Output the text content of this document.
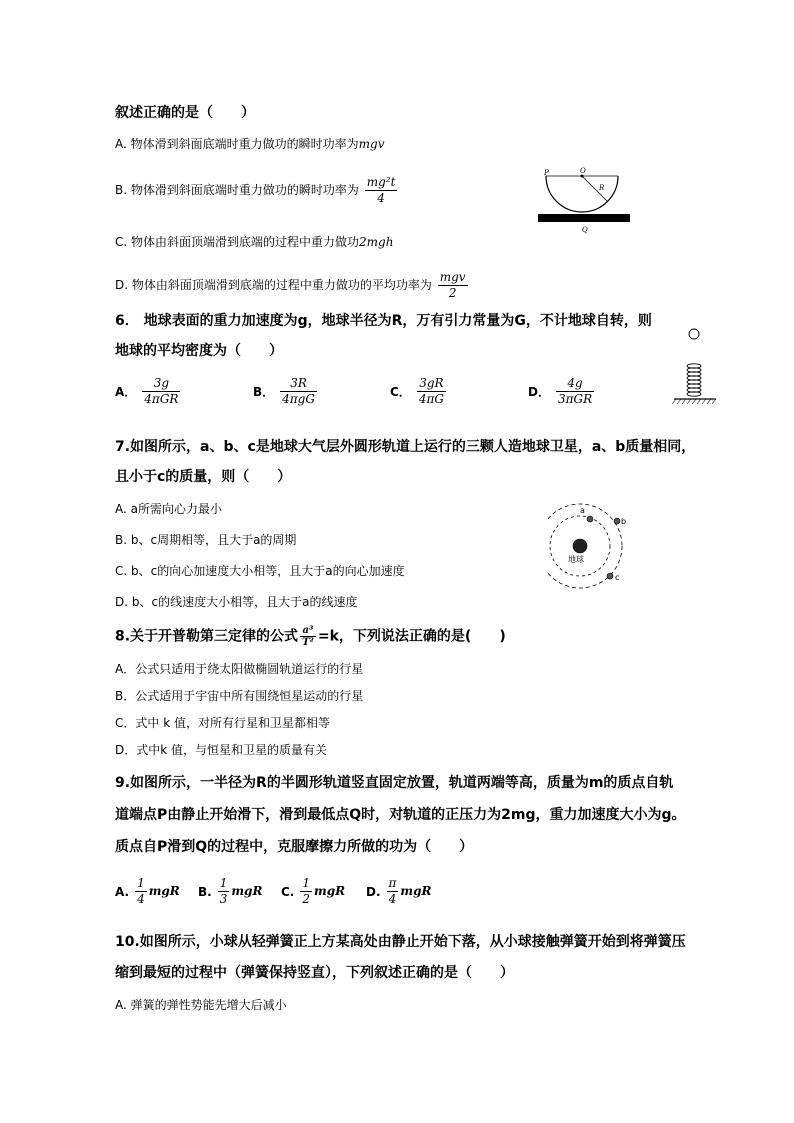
叙述正确的是（　　）
A. 物体滑到斜面底端时重力做功的瞬时功率为mgv
B. 物体滑到斜面底端时重力做功的瞬时功率为 $\frac{\text{mg²t}}{4}$
C. 物体由斜面顶端滑到底端的过程中重力做功2mgh
D. 物体由斜面顶端滑到底端的过程中重力做功的平均功率为 $\frac{\text{mgv}}{2}$
P	O
R
Q
6． 地球表面的重力加速度为g，地球半径为R，万有引力常量为G，不计地球自转，则
地球的平均密度为（　　）
A． $\frac{3g}{\text{4πGR}}$	B． $\frac{3R}{\text{4πgG}}$	C． $\frac{3gR}{4\pi G}$	D． $\frac{4g}{\text{3πGR}}$
7.如图所示，a、b、c是地球大气层外圆形轨道上运行的三颗人造地球卫星，a、b质量相同，
且小于c的质量，则（　　）
A. a所需向心力最小
B. b、c周期相等，且大于a的周期
C. b、c的向心加速度大小相等，且大于a的向心加速度
D. b、c的线速度大小相等，且大于a的线速度
地球
a
b
c
8.关于开普勒第三定律的公式 $\frac{\text{a³}}{\text{T²}} =k$，下列说法正确的是(　　)
A．公式只适用于绕太阳做椭圆轨道运行的行星
B．公式适用于宇宙中所有围绕恒星运动的行星
C．式中 k 值，对所有行星和卫星都相等
D．式中k 值，与恒星和卫星的质量有关
9.如图所示，一半径为R的半圆形轨道竖直固定放置，轨道两端等高，质量为m的质点自轨
道端点P由静止开始滑下，滑到最低点Q时，对轨道的正压力为2mg，重力加速度大小为g。
质点自P滑到Q的过程中，克服摩擦力所做的功为（　　）
A. $\frac{1}{4}$ mgR B. $\frac{1}{3}$ mgR C. $\frac{1}{2}$ mgR D. $\frac{\pi}{4}$ mgR
10.如图所示，小球从轻弹簧正上方某高处由静止开始下落，从小球接触弹簧开始到将弹簧压
缩到最短的过程中（弹簧保持竖直），下列叙述正确的是（　　）
A. 弹簧的弹性势能先增大后减小
